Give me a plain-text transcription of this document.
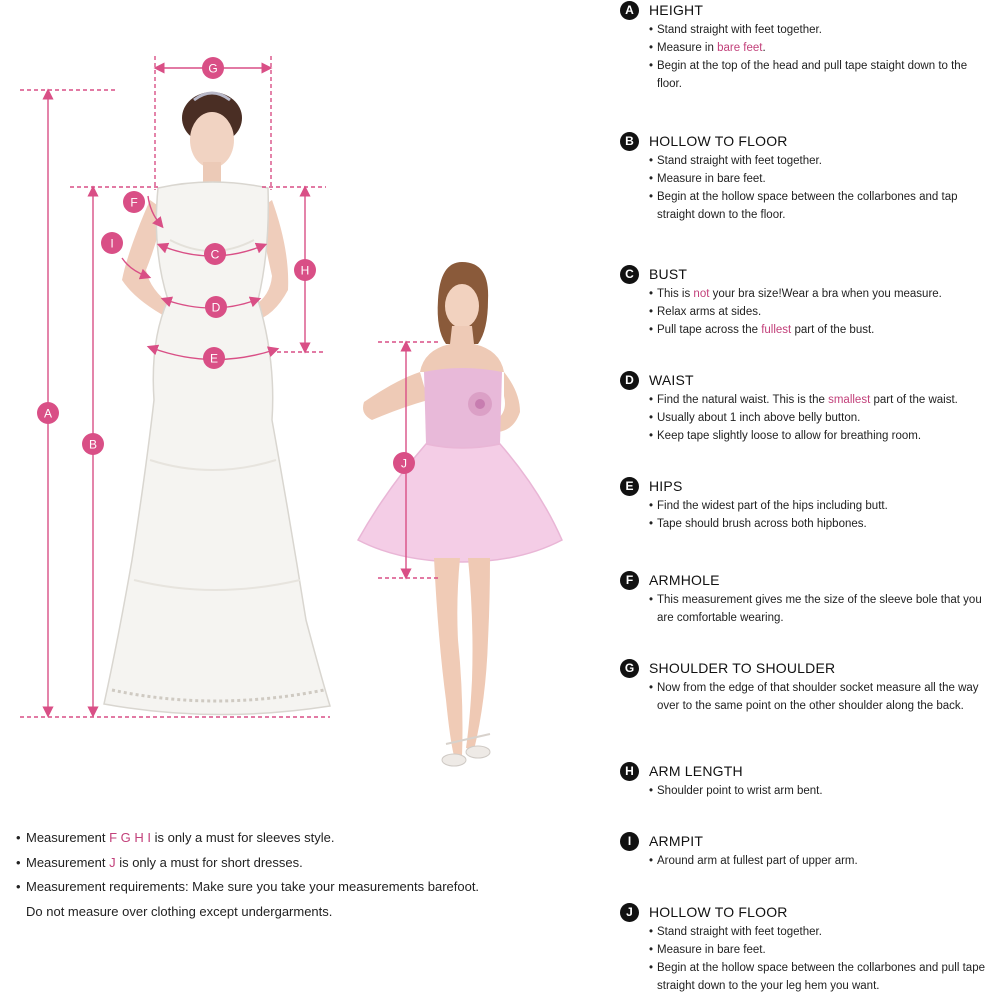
A
B
C
D
E
F
G
H
I
J
A	HEIGHT
• Stand straight with feet together.
• Measure in bare feet.
• Begin at the top of the head and pull tape staight down to the floor.
B	HOLLOW TO FLOOR
• Stand straight with feet together.
• Measure in bare feet.
• Begin at the hollow space between the collarbones and tap straight down to the floor.
C	BUST
• This is not your bra size!Wear a bra when you measure.
• Relax arms at sides.
• Pull tape across the fullest part of the bust.
D	WAIST
• Find the natural waist. This is the smallest part of the waist.
• Usually about 1 inch above belly button.
• Keep tape slightly loose to allow for breathing room.
E	HIPS
• Find the widest part of the hips including butt.
• Tape should brush across both hipbones.
F	ARMHOLE
• This measurement gives me the size of the sleeve bole that you are comfortable wearing.
G	SHOULDER TO SHOULDER
• Now from the edge of that shoulder socket measure all the way over to the same point on the other shoulder along the back.
H	ARM LENGTH
• Shoulder point to wrist arm bent.
I	ARMPIT
• Around arm at fullest part of upper arm.
J	HOLLOW TO FLOOR
• Stand straight with feet together.
• Measure in bare feet.
• Begin at the hollow space between the collarbones and pull tape straight down to the your leg hem you want.
• Measurement F G H I is only a must for sleeves style.
• Measurement J is only a must for short dresses.
• Measurement requirements: Make sure you take your measurements barefoot.
Do not measure over clothing except undergarments.
